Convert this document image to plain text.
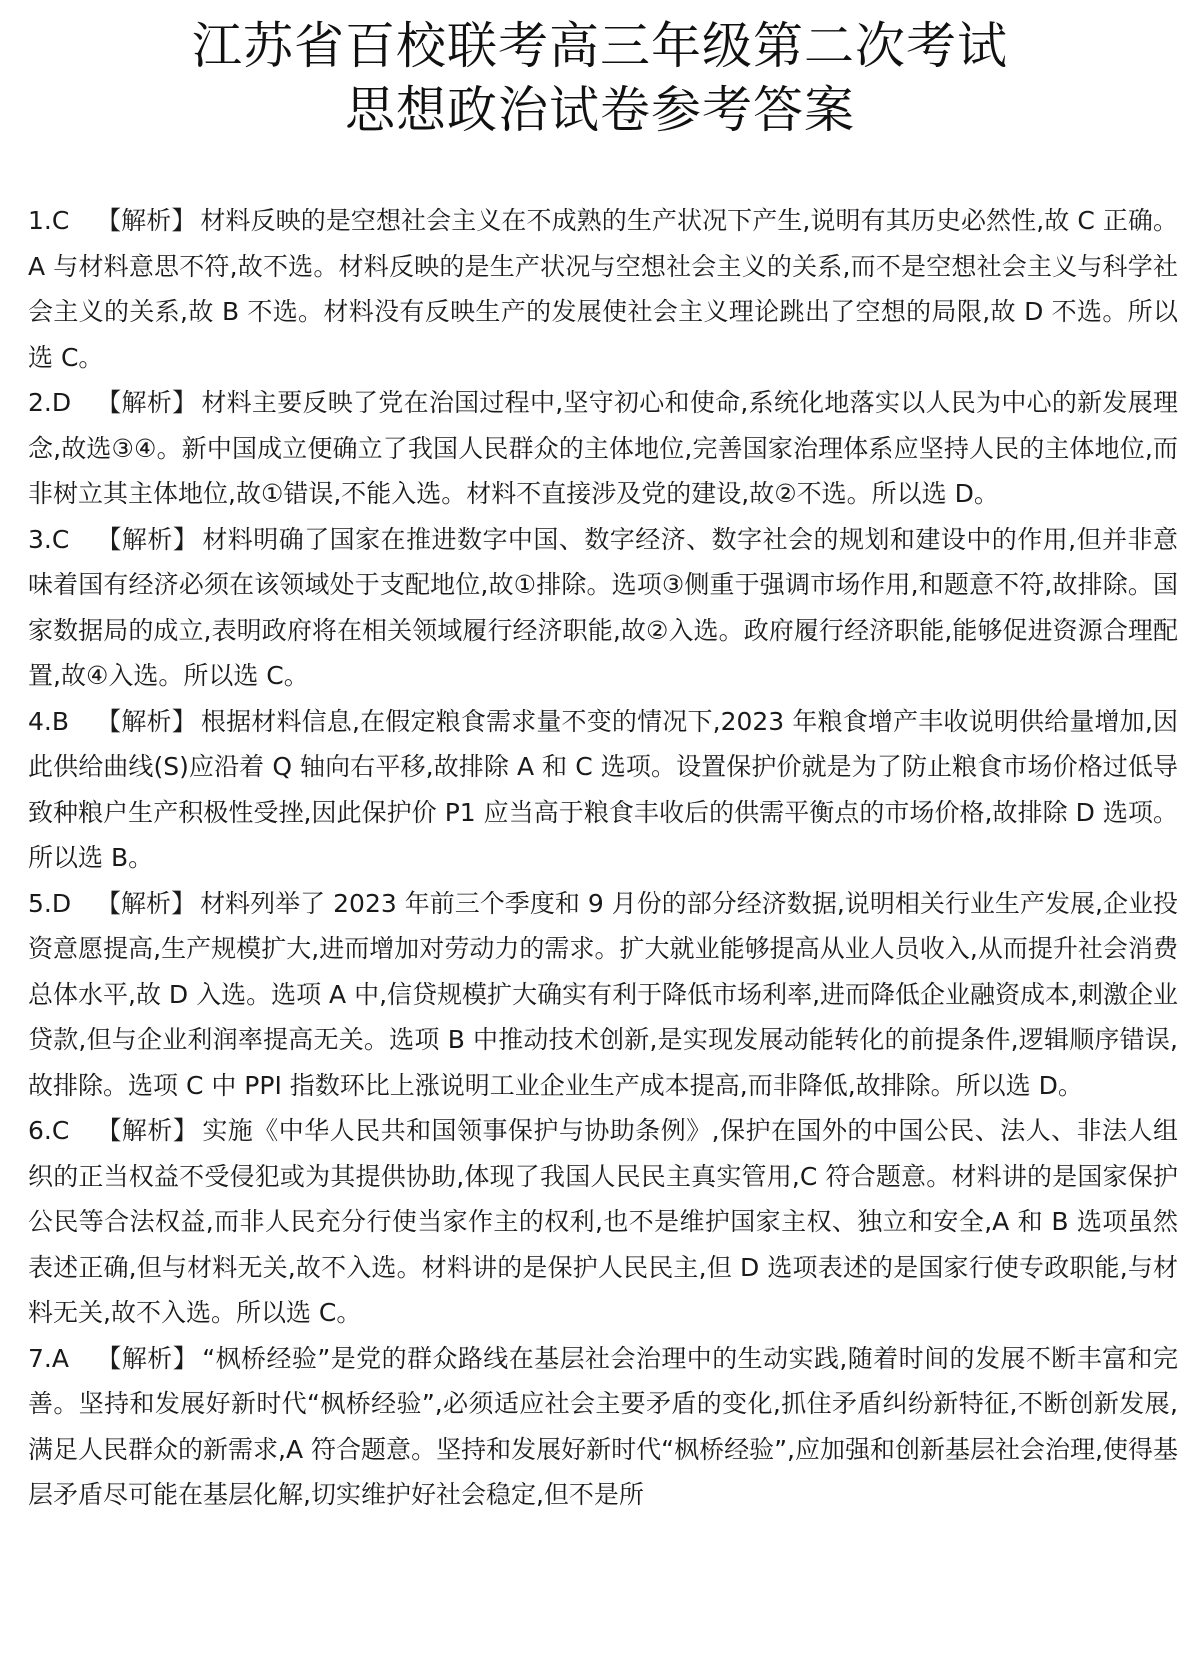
江苏省百校联考高三年级第二次考试
思想政治试卷参考答案

1.C 【解析】 材料反映的是空想社会主义在不成熟的生产状况下产生,说明有其历史必然性,故 C 正确。A 与材料意思不符,故不选。材料反映的是生产状况与空想社会主义的关系,而不是空想社会主义与科学社会主义的关系,故 B 不选。材料没有反映生产的发展使社会主义理论跳出了空想的局限,故 D 不选。所以选 C。

2.D 【解析】 材料主要反映了党在治国过程中,坚守初心和使命,系统化地落实以人民为中心的新发展理念,故选③④。新中国成立便确立了我国人民群众的主体地位,完善国家治理体系应坚持人民的主体地位,而非树立其主体地位,故①错误,不能入选。材料不直接涉及党的建设,故②不选。所以选 D。

3.C 【解析】 材料明确了国家在推进数字中国、数字经济、数字社会的规划和建设中的作用,但并非意味着国有经济必须在该领域处于支配地位,故①排除。选项③侧重于强调市场作用,和题意不符,故排除。国家数据局的成立,表明政府将在相关领域履行经济职能,故②入选。政府履行经济职能,能够促进资源合理配置,故④入选。所以选 C。

4.B 【解析】 根据材料信息,在假定粮食需求量不变的情况下,2023 年粮食增产丰收说明供给量增加,因此供给曲线(S)应沿着 Q 轴向右平移,故排除 A 和 C 选项。设置保护价就是为了防止粮食市场价格过低导致种粮户生产积极性受挫,因此保护价 P1 应当高于粮食丰收后的供需平衡点的市场价格,故排除 D 选项。所以选 B。

5.D 【解析】 材料列举了 2023 年前三个季度和 9 月份的部分经济数据,说明相关行业生产发展,企业投资意愿提高,生产规模扩大,进而增加对劳动力的需求。扩大就业能够提高从业人员收入,从而提升社会消费总体水平,故 D 入选。选项 A 中,信贷规模扩大确实有利于降低市场利率,进而降低企业融资成本,刺激企业贷款,但与企业利润率提高无关。选项 B 中推动技术创新,是实现发展动能转化的前提条件,逻辑顺序错误,故排除。选项 C 中 PPI 指数环比上涨说明工业企业生产成本提高,而非降低,故排除。所以选 D。

6.C 【解析】 实施《中华人民共和国领事保护与协助条例》,保护在国外的中国公民、法人、非法人组织的正当权益不受侵犯或为其提供协助,体现了我国人民民主真实管用,C 符合题意。材料讲的是国家保护公民等合法权益,而非人民充分行使当家作主的权利,也不是维护国家主权、独立和安全,A 和 B 选项虽然表述正确,但与材料无关,故不入选。材料讲的是保护人民民主,但 D 选项表述的是国家行使专政职能,与材料无关,故不入选。所以选 C。

7.A 【解析】 “枫桥经验”是党的群众路线在基层社会治理中的生动实践,随着时间的发展不断丰富和完善。坚持和发展好新时代“枫桥经验”,必须适应社会主要矛盾的变化,抓住矛盾纠纷新特征,不断创新发展,满足人民群众的新需求,A 符合题意。坚持和发展好新时代“枫桥经验”,应加强和创新基层社会治理,使得基层矛盾尽可能在基层化解,切实维护好社会稳定,但不是所
